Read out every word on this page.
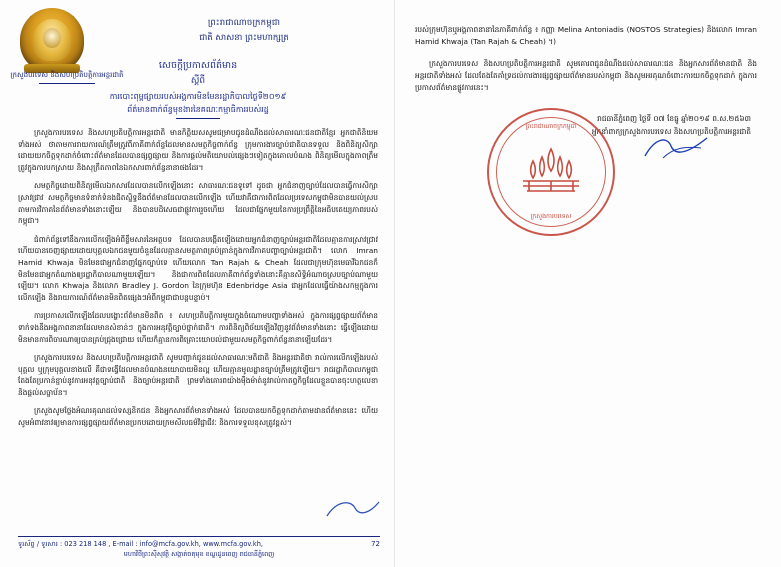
ព្រះរាជាណាចក្រកម្ពុជា
ជាតិ សាសនា ព្រះមហាក្សត្រ
ក្រសួងបរទេស និងសហប្រតិបត្តិការអន្តរជាតិ
សេចក្តីប្រកាសព័ត៌មាន
ស្តីពី
ការបោះពុម្ពផ្សាយរបស់អង្គការមិនមែនរដ្ឋាភិបាលថ្ងៃទី២០១៩
ព័ត៌មានពាក់ព័ន្ធមុខងារនៃគណៈកម្មាធិការរបស់រដ្ឋ

ក្រសួងការបរទេស និងសហប្រតិបត្តិការអន្តរជាតិ មានកិត្តិយសសូមជម្រាបជូនដំណឹងដល់សាធារណៈជនជាតិខ្មែរ អ្នកជាតិនិយមទាំងអស់ ថាតាមការរាយការណ៍ត្រឹមត្រូវពីភាគីពាក់ព័ន្ធដែលមានសមត្ថកិច្ចពាក់ព័ន្ធ ក្រុមការងារច្បាប់ជាតិបានទទួល និងពិនិត្យសិក្សាដោយយកចិត្តទុកដាក់ចំពោះព័ត៌មានដែលបានផ្សព្វផ្សាយ និងការផ្តល់មតិយោបល់ផ្សេងៗទៀតក្នុងគោលបំណង ពិនិត្យមើលក្នុងភាពត្រឹមត្រូវក្នុងការបកស្រាយ និងសុក្រឹតភាពនៃឯកសារពាក់ព័ន្ធនានាផងដែរ។

សមត្ថកិច្ចដោយពិនិត្យមើលឯកសារដែលបានលើកឡើងនោះ សាធារណៈជនទូទៅ ដូចជា អ្នកជំនាញច្បាប់ដែលបានធ្វើការសិក្សាស្រាវជ្រាវ សមត្ថកិច្ចមានទំនាក់ទំនងជិតស្និទ្ធនឹងព័ត៌មានដែលបានលើកឡើង ហើយវាគឺជាការពិតដែលប្រទេសកម្ពុជាមិនបានយល់ស្របតាមការវិភាគនៃព័ត៌មានទាំងនោះឡើយ និងបានបដិសេធជាផ្លូវការរួចហើយ ដែលជាផ្នែកមួយនៃការប្រព្រឹត្តិនៃអធិបតេយ្យភាពរបស់កម្ពុជា។

ជំពាក់ព័ន្ធទៅនឹងការលើកឡើងអំពីខ្លឹមសារនៃអត្ថបទ ដែលបានបង្កើតឡើងដោយអ្នកជំនាញច្បាប់អន្តរជាតិដែលគ្មានការស្រាវជ្រាវ ហើយបានចេញផ្សាយដោយបុគ្គលឯកជនមួយចំនួនដែលគ្មានសមត្ថភាពគ្រប់គ្រាន់ក្នុងការវិភាគបញ្ហាច្បាប់អន្តរជាតិ។ លោក Imran Hamid Khwaja មិនមែនជាអ្នកជំនាញផ្នែកច្បាប់ទេ ហើយលោក Tan Rajah & Cheah ដែលជាក្រុមហ៊ុនមេធាវីឯកជនក៏មិនមែនជាអ្នកតំណាងឲ្យរដ្ឋាភិបាលណាមួយឡើយ។ និងជាការពិតដែលភាគីពាក់ព័ន្ធទាំងនោះគឺគ្មានសិទ្ធិអំណាចស្របច្បាប់ណាមួយឡើយ។ លោក Khwaja និងលោក Bradley J. Gordon នៃក្រុមហ៊ុន Edenbridge Asia ជាអ្នកដែលធ្វើយ៉ាងសកម្មក្នុងការលើកឡើង និងរាយការណ៍ព័ត៌មានមិនពិតផ្សេងៗអំពីកម្ពុជាជាបន្តបន្ទាប់។

ការប្រកាសលើកឡើងដែលបង្ហោះព័ត៌មានមិនពិត ៖ សហប្រតិបត្តិការមួយក្នុងចំណោមបញ្ហាទាំងអស់ ក្នុងការផ្សព្វផ្សាយព័ត៌មានទាក់ទងនឹងអង្គភាពនានាដែលមានសំខាន់ៗ ក្នុងការអនុវត្តិច្បាប់ថ្នាក់ជាតិ។ ការពិនិត្យពិច័យឡើងវិញនូវព័ត៌មានទាំងនោះ ធ្វើឡើងដោយមិនមានការពិចារណាឲ្យបានគ្រប់ជ្រុងជ្រោយ ហើយក៏គ្មានការពិគ្រោះយោបល់ជាមួយសមត្ថកិច្ចពាក់ព័ន្ធនានាឡើយដែរ។

ក្រសួងការបរទេស និងសហប្រតិបត្តិការអន្តរជាតិ សូមបញ្ជាក់ជូនដល់សាធារណៈមតិជាតិ និងអន្តរជាតិថា រាល់ការលើកឡើងរបស់បុគ្គល ឬក្រុមបុគ្គលខាងលើ គឺជាទង្វើដែលមានបំណងនយោបាយមិនល្អ ហើយគ្មានមូលដ្ឋានច្បាប់ត្រឹមត្រូវឡើយ។ រាជរដ្ឋាភិបាលកម្ពុជាតែងតែប្រកាន់ខ្ជាប់នូវការអនុវត្តច្បាប់ជាតិ និងច្បាប់អន្តរជាតិ ព្រមទាំងគោរពយ៉ាងម៉ឺងម៉ាត់នូវរាល់កាតព្វកិច្ចដែលខ្លួនបានចុះហត្ថលេខា និងផ្តល់សច្ចាប័ន។

ក្រសួងសូមថ្លែងអំណរគុណដល់ទស្សនិកជន និងអ្នកសារព័ត៌មានទាំងអស់ ដែលបានយកចិត្តទុកដាក់តាមដានព័ត៌មាននេះ ហើយសូមអំពាវនាវឲ្យមានការផ្សព្វផ្សាយព័ត៌មានប្រកបដោយក្រមសីលធម៌វិជ្ជាជីវៈ និងការទទួលខុសត្រូវខ្ពស់។

ទូរស័ព្ទ / ទូរសារ : 023 218 148 , E-mail : info@mcfa.gov.kh, www.mcfa.gov.kh,	72
មហាវិថីព្រះស៊ីសុវត្ថិ សង្កាត់ចតុមុខ ខណ្ឌដូនពេញ រាជធានីភ្នំពេញ

របស់ក្រុមហ៊ុនឬអង្គភាពនានានៃភាគីពាក់ព័ន្ធ ៖ កញ្ញា Melina Antoniadis (NOSTOS Strategies) និងលោក Imran Hamid Khwaja (Tan Rajah & Cheah) ។)

ក្រសួងការបរទេស និងសហប្រតិបត្តិការអន្តរជាតិ សូមគោរពជូនដំណឹងដល់សាធារណៈជន និងអ្នកសារព័ត៌មានជាតិ និងអន្តរជាតិទាំងអស់ ដែលតែងតែគាំទ្រដល់ការងារផ្សព្វផ្សាយព័ត៌មានរបស់កម្ពុជា និងសូមអរគុណចំពោះការយកចិត្តទុកដាក់ ក្នុងការប្រកាសព័ត៌មានផ្លូវការនេះ។

រាជធានីភ្នំពេញ ថ្ងៃទី ០៧ ខែធ្នូ ឆ្នាំ២០១៩ ព.ស.២៥៦៣
អ្នកនាំពាក្យក្រសួងការបរទេស និងសហប្រតិបត្តិការអន្តរជាតិ
ព្រះរាជាណាចក្រកម្ពុជា
ក្រសួងការបរទេស
